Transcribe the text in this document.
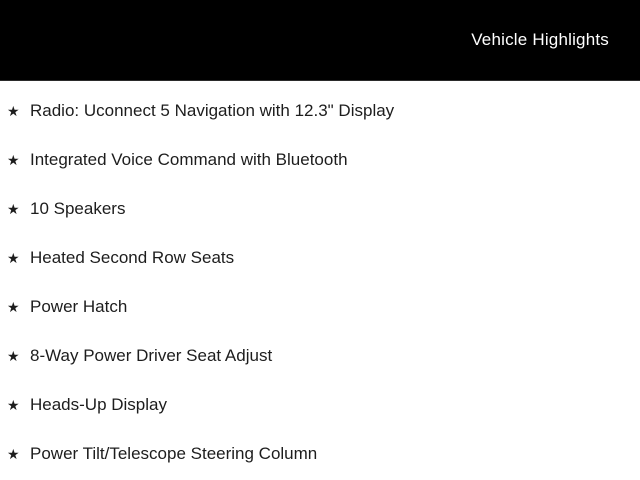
Vehicle Highlights
★ Radio: Uconnect 5 Navigation with 12.3" Display
★ Integrated Voice Command with Bluetooth
★ 10 Speakers
★ Heated Second Row Seats
★ Power Hatch
★ 8-Way Power Driver Seat Adjust
★ Heads-Up Display
★ Power Tilt/Telescope Steering Column
